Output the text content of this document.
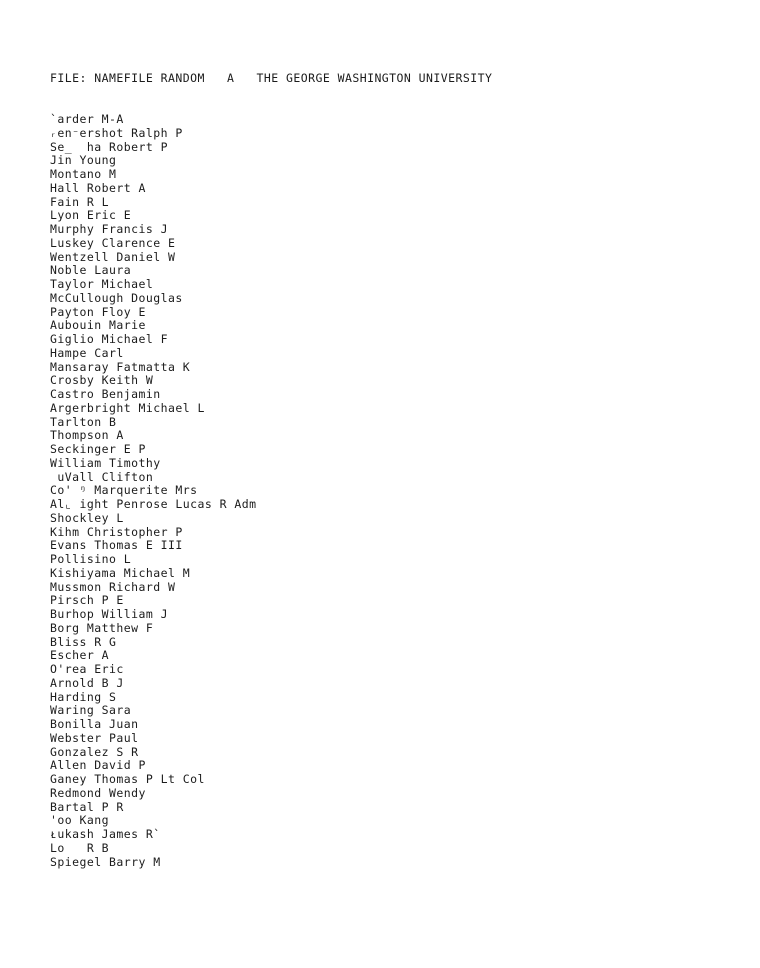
FILE: NAMEFILE RANDOM   A   THE GEORGE WASHINGTON UNIVERSITY
`arder M-A
ᵣen⁻ershot Ralph P
Se_  ha Robert P
Jin Young
Montano M
Hall Robert A
Fain R L
Lyon Eric E
Murphy Francis J
Luskey Clarence E
Wentzell Daniel W
Noble Laura
Taylor Michael
McCullough Douglas
Payton Floy E
Aubouin Marie
Giglio Michael F
Hampe Carl
Mansaray Fatmatta K
Crosby Keith W
Castro Benjamin
Argerbright Michael L
Tarlton B
Thompson A
Seckinger E P
William Timothy
uVall Clifton
Co' ᵑ Marquerite Mrs
Al⌞ ight Penrose Lucas R Adm
Shockley L
Kihm Christopher P
Evans Thomas E III
Pollisino L
Kishiyama Michael M
Mussmon Richard W
Pirsch P E
Burhop William J
Borg Matthew F
Bliss R G
Escher A
O'rea Eric
Arnold B J
Harding S
Waring Sara
Bonilla Juan
Webster Paul
Gonzalez S R
Allen David P
Ganey Thomas P Lt Col
Redmond Wendy
Bartal P R
'oo Kang
ᴌukash James R`
Lo   R B
Spiegel Barry M
